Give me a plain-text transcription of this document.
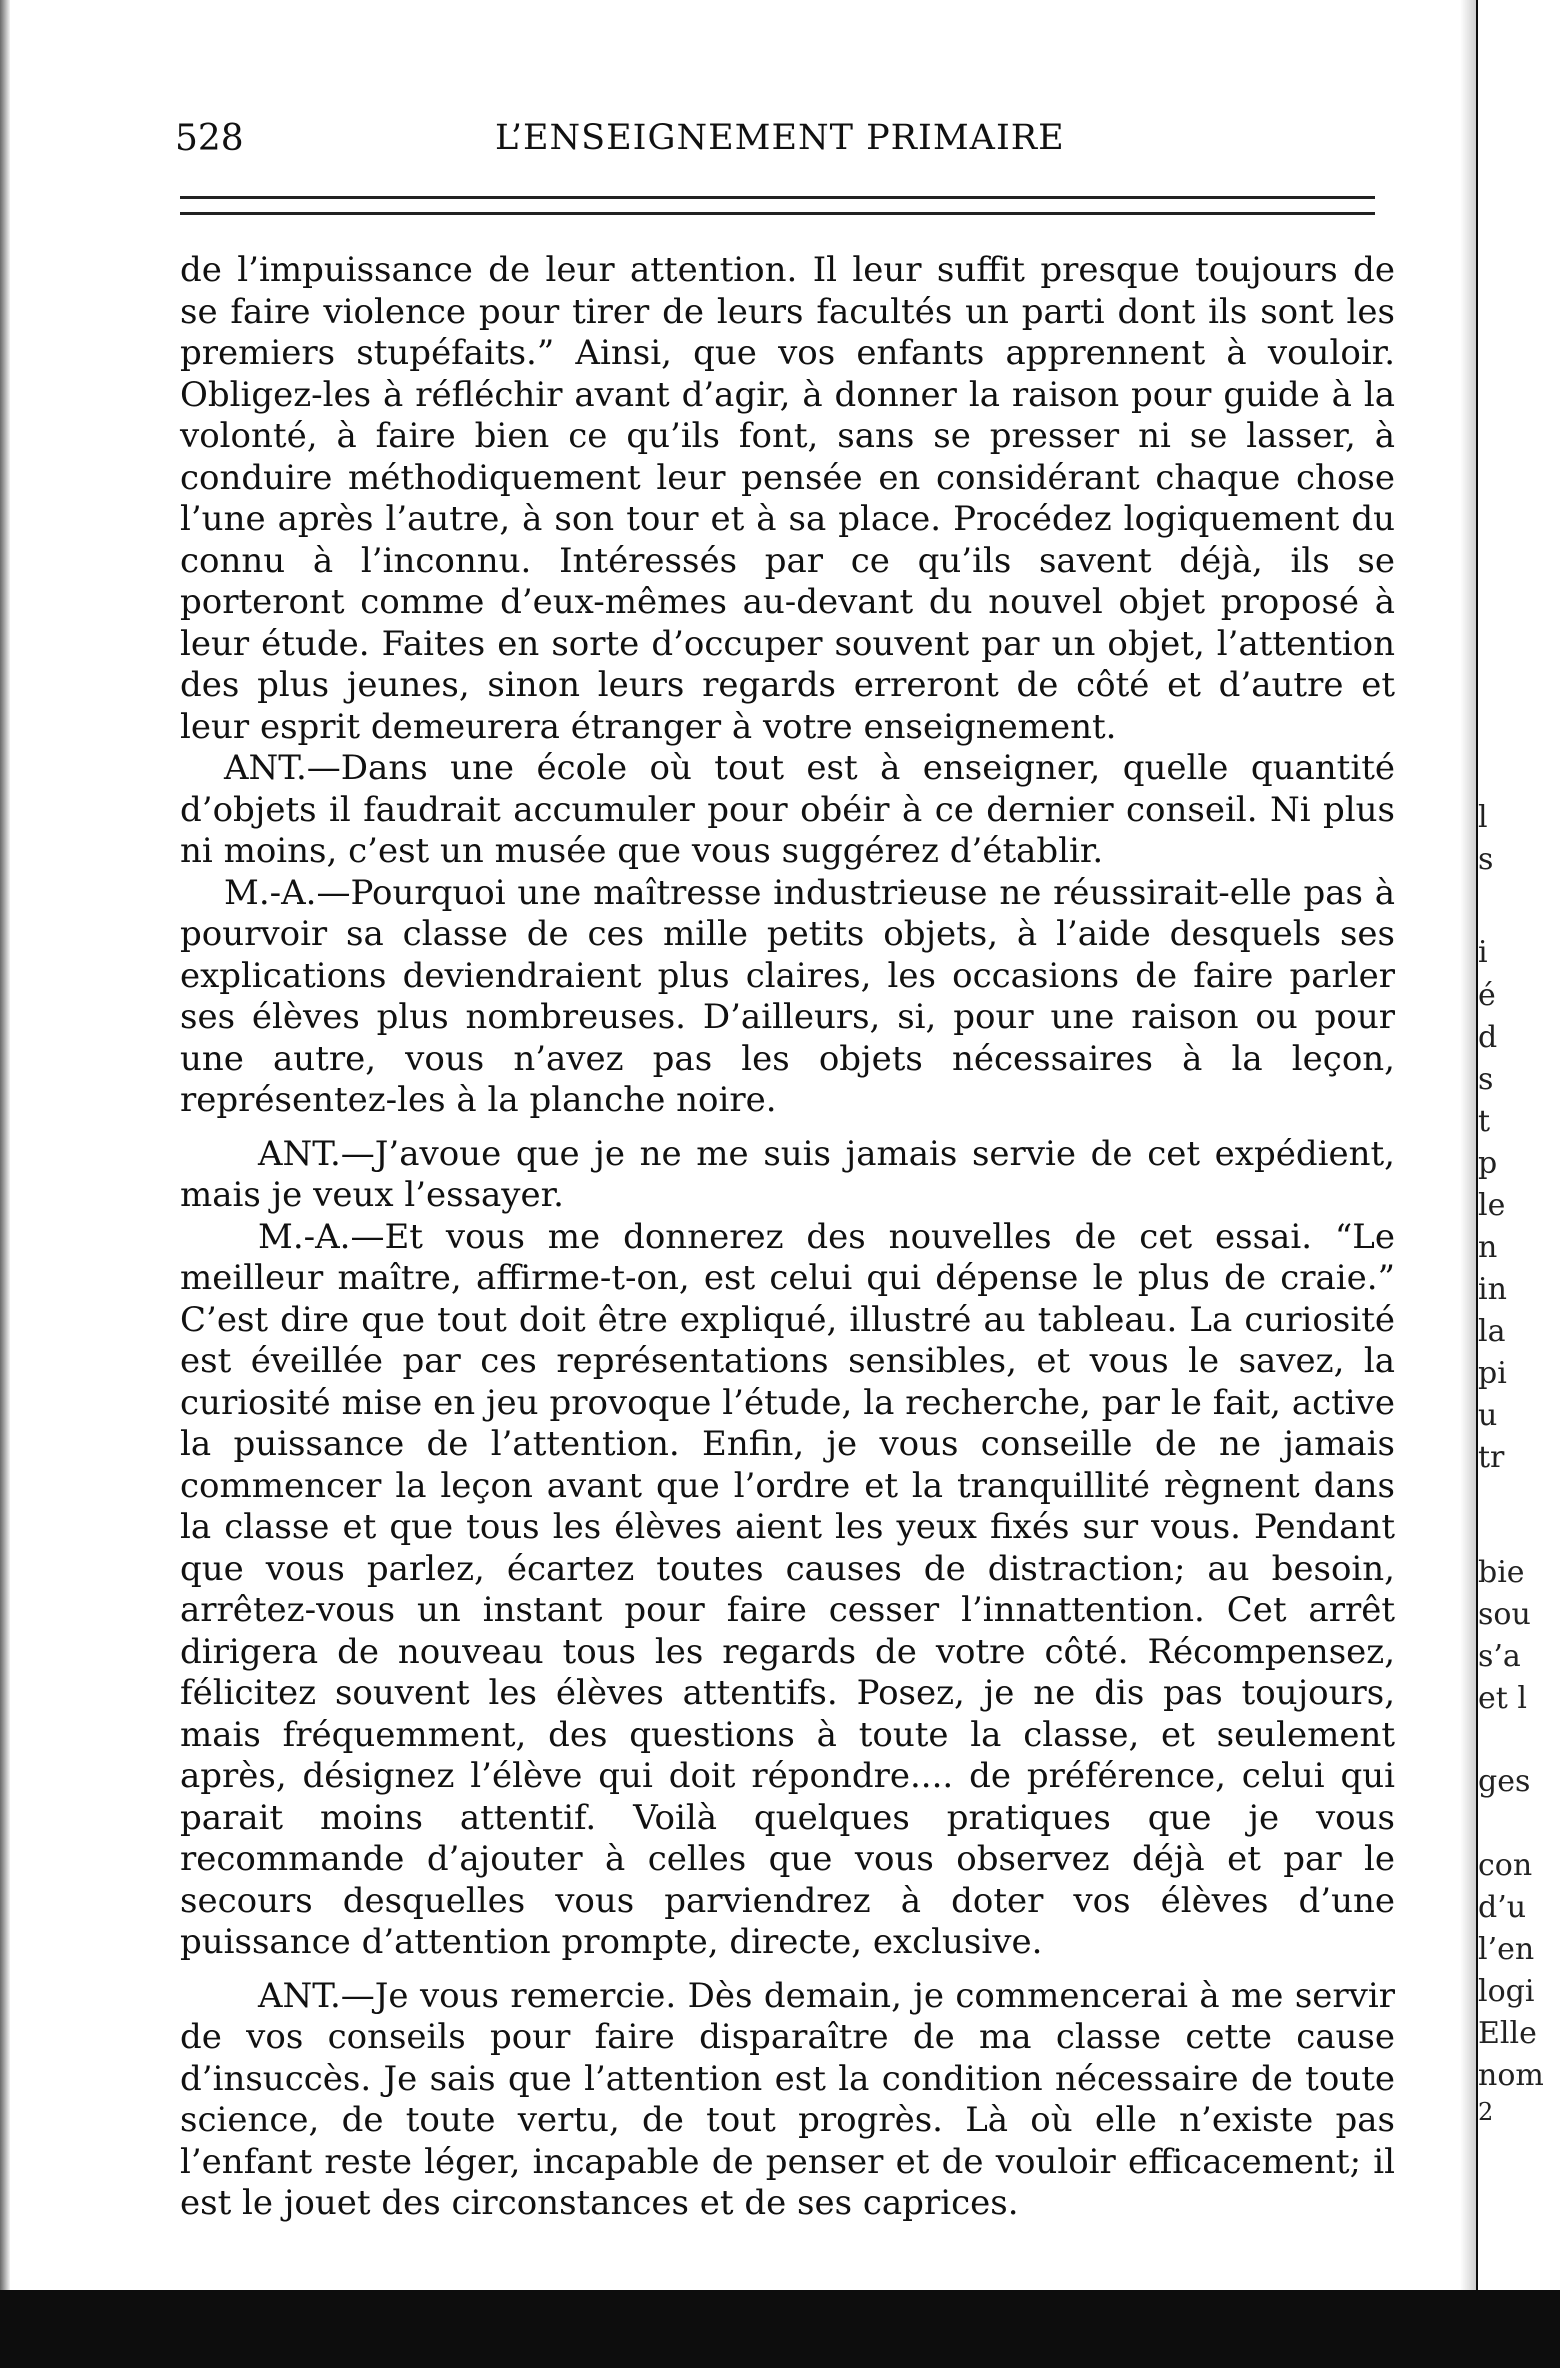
528	L’ENSEIGNEMENT PRIMAIRE

de l’impuissance de leur attention. Il leur suffit presque toujours de se faire violence pour tirer de leurs facultés un parti dont ils sont les premiers stupéfaits.” Ainsi, que vos enfants apprennent à vouloir. Obligez-les à réfléchir avant d’agir, à donner la raison pour guide à la volonté, à faire bien ce qu’ils font, sans se presser ni se lasser, à conduire méthodiquement leur pensée en considérant chaque chose l’une après l’autre, à son tour et à sa place. Procédez logiquement du connu à l’inconnu. Intéressés par ce qu’ils savent déjà, ils se porteront comme d’eux-mêmes au-devant du nouvel objet proposé à leur étude. Faites en sorte d’occuper souvent par un objet, l’attention des plus jeunes, sinon leurs regards erreront de côté et d’autre et leur esprit demeurera étranger à votre enseignement.

ANT.—Dans une école où tout est à enseigner, quelle quantité d’objets il faudrait accumuler pour obéir à ce dernier conseil. Ni plus ni moins, c’est un musée que vous suggérez d’établir.

M.-A.—Pourquoi une maîtresse industrieuse ne réussirait-elle pas à pourvoir sa classe de ces mille petits objets, à l’aide desquels ses explications deviendraient plus claires, les occasions de faire parler ses élèves plus nombreuses. D’ailleurs, si, pour une raison ou pour une autre, vous n’avez pas les objets nécessaires à la leçon, représentez-les à la planche noire.

ANT.—J’avoue que je ne me suis jamais servie de cet expédient, mais je veux l’essayer.

M.-A.—Et vous me donnerez des nouvelles de cet essai. “Le meilleur maître, affirme-t-on, est celui qui dépense le plus de craie.” C’est dire que tout doit être expliqué, illustré au tableau. La curiosité est éveillée par ces représentations sensibles, et vous le savez, la curiosité mise en jeu provoque l’étude, la recherche, par le fait, active la puissance de l’attention. Enfin, je vous conseille de ne jamais commencer la leçon avant que l’ordre et la tranquillité règnent dans la classe et que tous les élèves aient les yeux fixés sur vous. Pendant que vous parlez, écartez toutes causes de distraction; au besoin, arrêtez-vous un instant pour faire cesser l’innattention. Cet arrêt dirigera de nouveau tous les regards de votre côté. Récompensez, félicitez souvent les élèves attentifs. Posez, je ne dis pas toujours, mais fréquemment, des questions à toute la classe, et seulement après, désignez l’élève qui doit répondre.... de préférence, celui qui parait moins attentif. Voilà quelques pratiques que je vous recommande d’ajouter à celles que vous observez déjà et par le secours desquelles vous parviendrez à doter vos élèves d’une puissance d’attention prompte, directe, exclusive.

ANT.—Je vous remercie. Dès demain, je commencerai à me servir de vos conseils pour faire disparaître de ma classe cette cause d’insuccès. Je sais que l’attention est la condition nécessaire de toute science, de toute vertu, de tout progrès. Là où elle n’existe pas l’enfant reste léger, incapable de penser et de vouloir efficacement; il est le jouet des circonstances et de ses caprices.

l
s
i
é
d
s
t
p
le
n
in
la
pi
u
tr
bie
sou
s’a
et l
ges
con
d’u
l’en
logi
Elle
nom
2
